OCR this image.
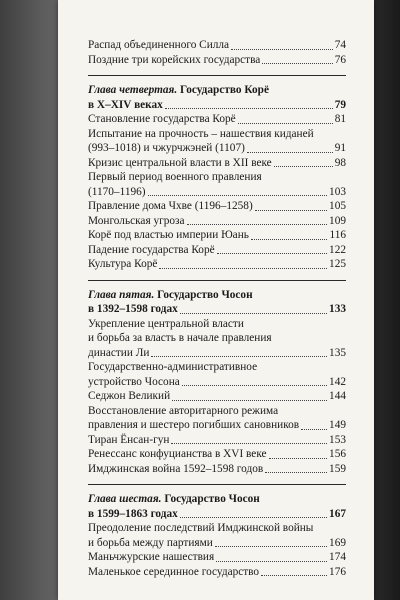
Распад объединенного Силла	74
Поздние три корейских государства	76
Глава четвертая. Государство Корё
в X–XIV веках	79
Становление государства Корё	81
Испытание на прочность – нашествия киданей
(993–1018) и чжурчжэней (1107)	91
Кризис центральной власти в XII веке	98
Первый период военного правления
(1170–1196)	103
Правление дома Чхве (1196–1258)	105
Монгольская угроза	109
Корё под властью империи Юань	116
Падение государства Корё	122
Культура Корё	125
Глава пятая. Государство Чосон
в 1392–1598 годах	133
Укрепление центральной власти
и борьба за власть в начале правления
династии Ли	135
Государственно-административное
устройство Чосона	142
Седжон Великий	144
Восстановление авторитарного режима
правления и шестеро погибших сановников	149
Тиран Ёнсан-гун	153
Ренессанс конфуцианства в XVI веке	156
Имджинская война 1592–1598 годов	159
Глава шестая. Государство Чосон
в 1599–1863 годах	167
Преодоление последствий Имджинской войны
и борьба между партиями	169
Маньчжурские нашествия	174
Маленькое серединное государство	176
